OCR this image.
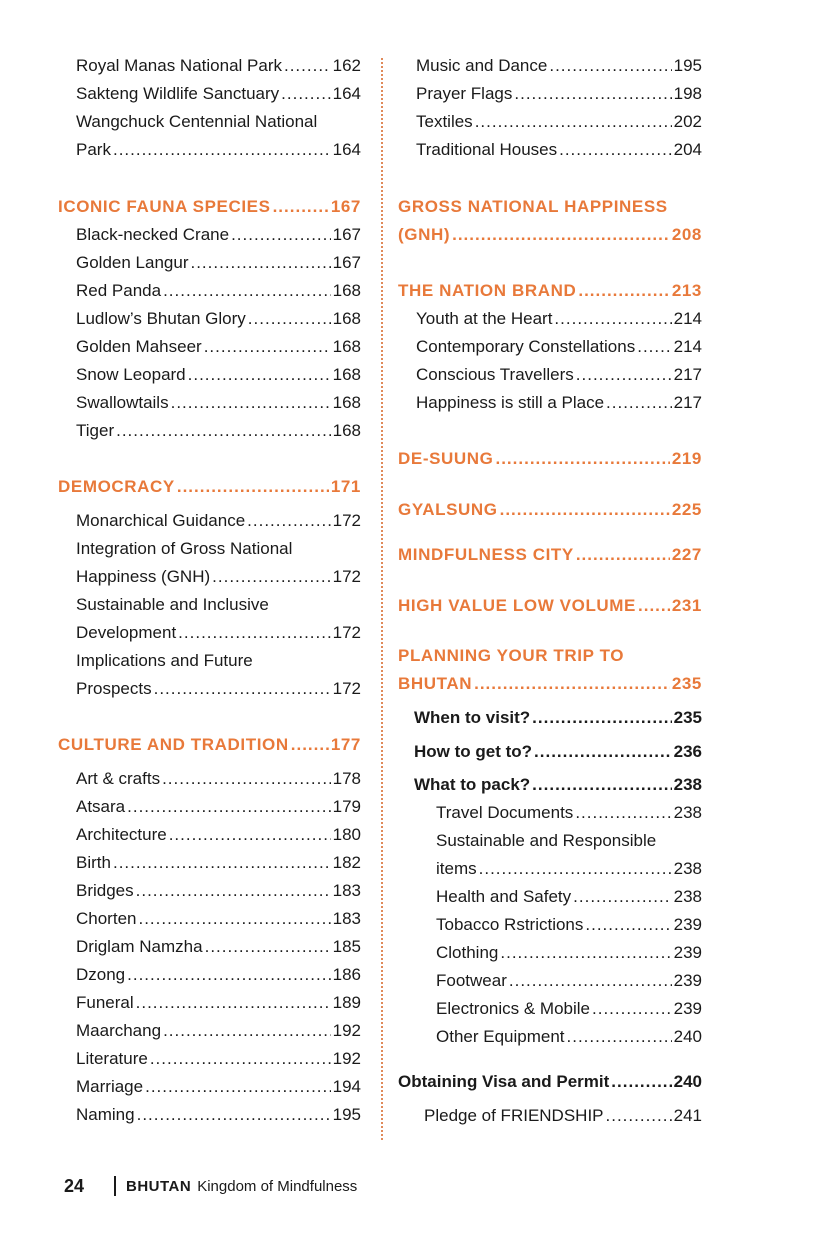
Royal Manas National Park .....	162
Sakteng Wildlife Sanctuary .....	164
Wangchuck Centennial National
Park .....	164
ICONIC FAUNA SPECIES .....	167
Black-necked Crane .....	167
Golden Langur .....	167
Red Panda .....	168
Ludlow’s Bhutan Glory .....	168
Golden Mahseer .....	168
Snow Leopard .....	168
Swallowtails .....	168
Tiger .....	168
DEMOCRACY .....	171
Monarchical Guidance .....	172
Integration of Gross National
Happiness (GNH) .....	172
Sustainable and Inclusive
Development .....	172
Implications and Future
Prospects .....	172
CULTURE AND TRADITION ..... 177
Art & crafts .....	178
Atsara .....	179
Architecture .....	180
Birth .....	182
Bridges .....	183
Chorten .....	183
Driglam Namzha .....	185
Dzong .....	186
Funeral .....	189
Maarchang .....	192
Literature .....	192
Marriage .....	194
Naming .....	195
Music and Dance .....	195
Prayer Flags .....	198
Textiles .....	202
Traditional Houses .....	204
GROSS NATIONAL HAPPINESS
(GNH) .....	208
THE NATION BRAND .....	213
Youth at the Heart .....	214
Contemporary Constellations ..... 214
Conscious Travellers .....	217
Happiness is still a Place .....	217
DE-SUUNG .....	219
GYALSUNG .....	225
MINDFULNESS CITY .....	227
HIGH VALUE LOW VOLUME ..... 231
PLANNING YOUR TRIP TO
BHUTAN .....	235
When to visit? .....	235
How to get to? .....	236
What to pack? .....	238
Travel Documents .....	238
Sustainable and Responsible
items .....	238
Health and Safety .....	238
Tobacco Rstrictions .....	239
Clothing .....	239
Footwear .....	239
Electronics & Mobile .....	239
Other Equipment .....	240
Obtaining Visa and Permit .....	240
Pledge of FRIENDSHIP .....	241
24	BHUTAN Kingdom of Mindfulness
